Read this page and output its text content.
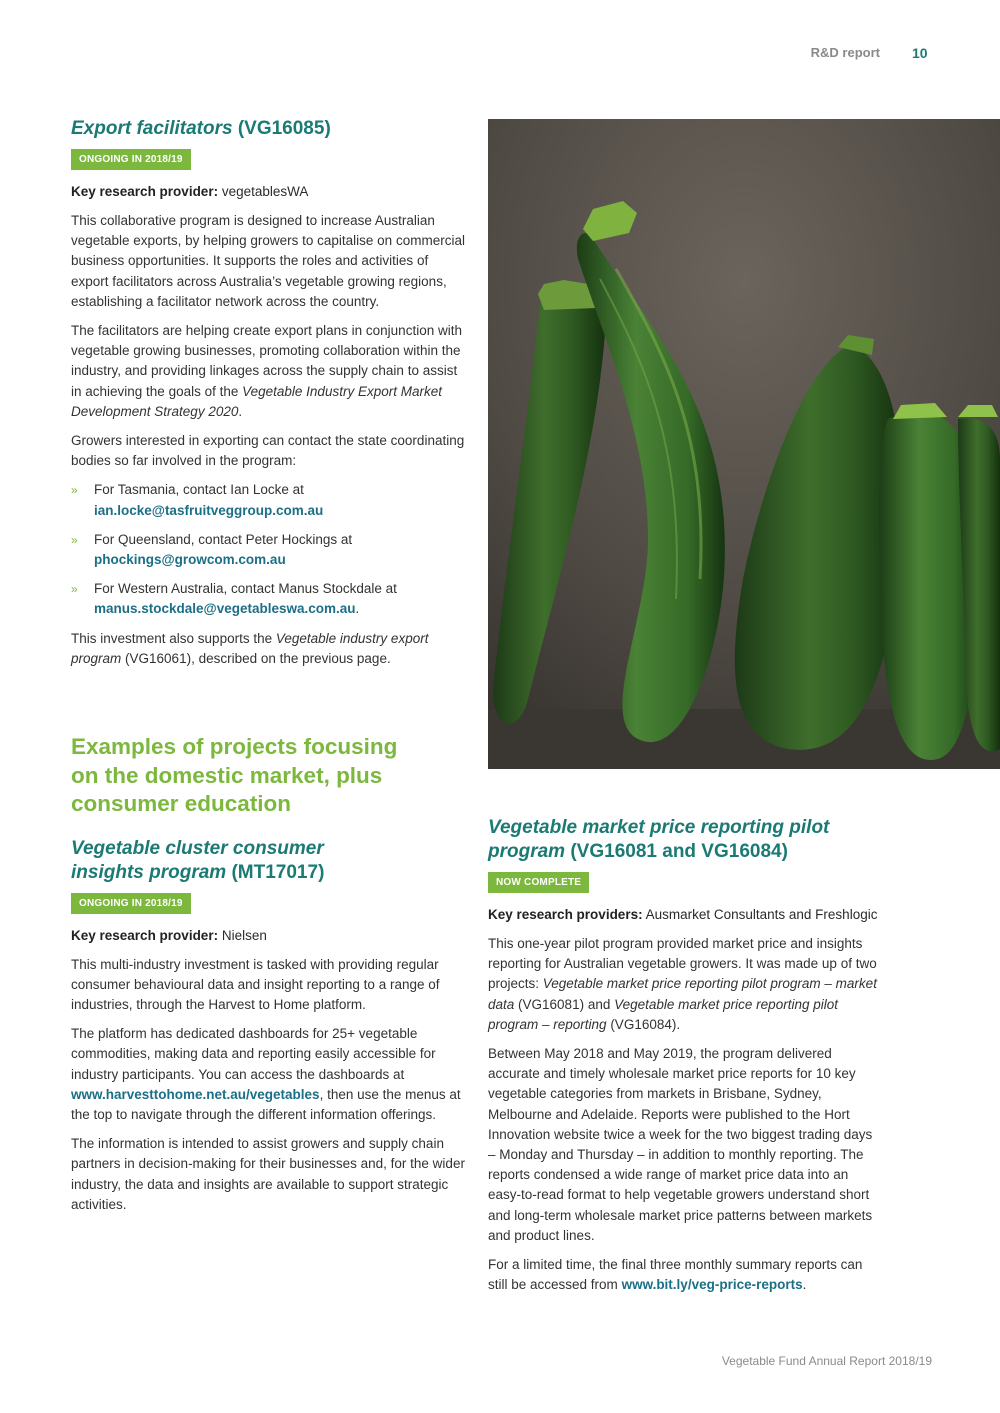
R&D report 10
Export facilitators (VG16085)
ONGOING IN 2018/19
Key research provider: vegetablesWA

This collaborative program is designed to increase Australian vegetable exports, by helping growers to capitalise on commercial business opportunities. It supports the roles and activities of export facilitators across Australia’s vegetable growing regions, establishing a facilitator network across the country.

The facilitators are helping create export plans in conjunction with vegetable growing businesses, promoting collaboration within the industry, and providing linkages across the supply chain to assist in achieving the goals of the Vegetable Industry Export Market Development Strategy 2020.

Growers interested in exporting can contact the state coordinating bodies so far involved in the program:

» For Tasmania, contact Ian Locke at ian.locke@tasfruitveggroup.com.au
» For Queensland, contact Peter Hockings at phockings@growcom.com.au
» For Western Australia, contact Manus Stockdale at manus.stockdale@vegetableswa.com.au.

This investment also supports the Vegetable industry export program (VG16061), described on the previous page.

Examples of projects focusing on the domestic market, plus consumer education
Vegetable cluster consumer insights program (MT17017)
ONGOING IN 2018/19
Key research provider: Nielsen

This multi-industry investment is tasked with providing regular consumer behavioural data and insight reporting to a range of industries, through the Harvest to Home platform.

The platform has dedicated dashboards for 25+ vegetable commodities, making data and reporting easily accessible for industry participants. You can access the dashboards at www.harvesttohome.net.au/vegetables, then use the menus at the top to navigate through the different information offerings.

The information is intended to assist growers and supply chain partners in decision-making for their businesses and, for the wider industry, the data and insights are available to support strategic activities.

Vegetable market price reporting pilot program (VG16081 and VG16084)
NOW COMPLETE
Key research providers: Ausmarket Consultants and Freshlogic

This one-year pilot program provided market price and insights reporting for Australian vegetable growers. It was made up of two projects: Vegetable market price reporting pilot program – market data (VG16081) and Vegetable market price reporting pilot program – reporting (VG16084).

Between May 2018 and May 2019, the program delivered accurate and timely wholesale market price reports for 10 key vegetable categories from markets in Brisbane, Sydney, Melbourne and Adelaide. Reports were published to the Hort Innovation website twice a week for the two biggest trading days – Monday and Thursday – in addition to monthly reporting. The reports condensed a wide range of market price data into an easy-to-read format to help vegetable growers understand short and long-term wholesale market price patterns between markets and product lines.

For a limited time, the final three monthly summary reports can still be accessed from www.bit.ly/veg-price-reports.

Vegetable Fund Annual Report 2018/19
